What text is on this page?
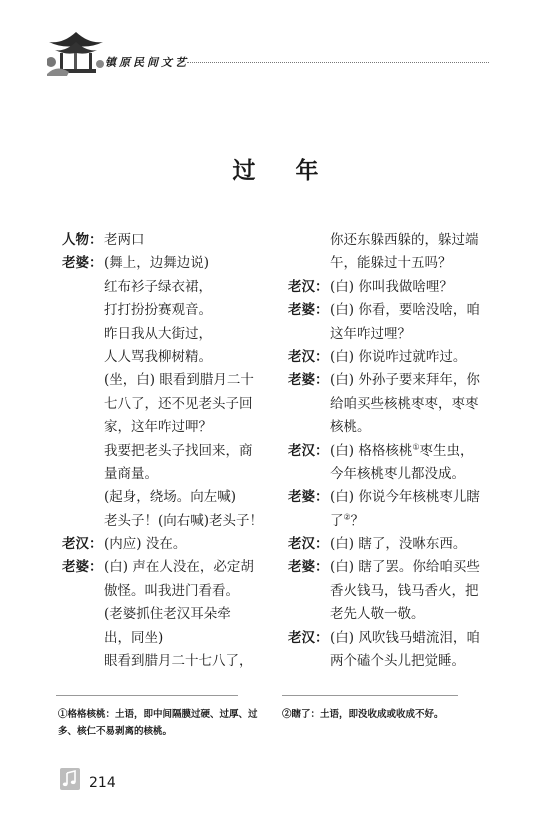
镇原民间文艺
过 年
人物： 老两口
老婆： (舞上，边舞边说)
红布衫子绿衣裙，
打打扮扮赛观音。
昨日我从大街过，
人人骂我柳树精。
(坐，白) 眼看到腊月二十
七八了，还不见老头子回
家，这年咋过呷？
我要把老头子找回来，商
量商量。
(起身，绕场。向左喊)
老头子！(向右喊)老头子！
老汉： (内应) 没在。
老婆： (白) 声在人没在，必定胡
傲怪。叫我进门看看。
(老婆抓住老汉耳朵牵
出，同坐)
眼看到腊月二十七八了，
你还东躲西躲的，躲过端
午，能躲过十五吗？
老汉： (白) 你叫我做啥哩？
老婆： (白) 你看，要啥没啥，咱
这年咋过哩？
老汉： (白) 你说咋过就咋过。
老婆： (白) 外孙子要来拜年，你
给咱买些核桃枣枣，枣枣
核桃。
老汉： (白) 格格核桃①枣生虫，
今年核桃枣儿都没成。
老婆： (白) 你说今年核桃枣儿瞎
了②？
老汉： (白) 瞎了，没咻东西。
老婆： (白) 瞎了罢。你给咱买些
香火钱马，钱马香火，把
老先人敬一敬。
老汉： (白) 风吹钱马蜡流泪，咱
两个磕个头儿把觉睡。
①格格核桃：土语，即中间隔膜过硬、过厚、过多、核仁不易剥离的核桃。
②瞎了：土语，即没收成或收成不好。
214
